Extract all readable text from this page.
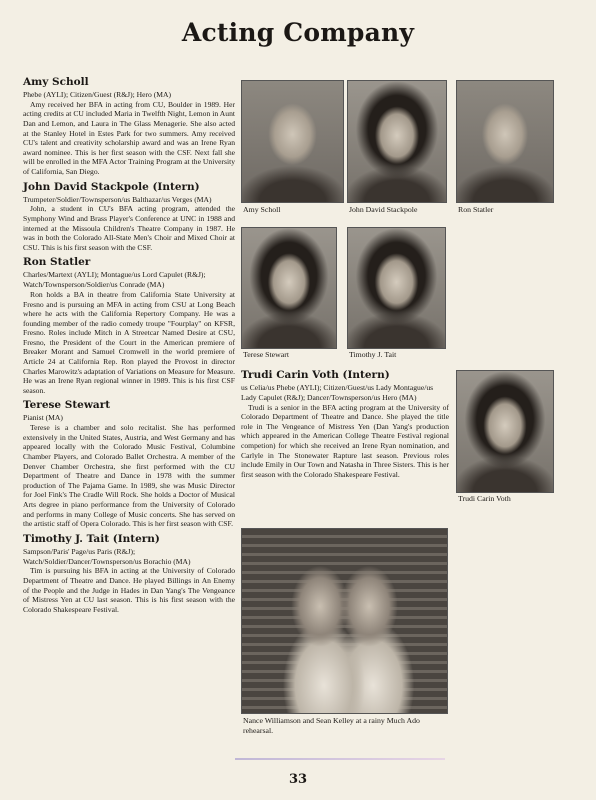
Acting Company
Amy Scholl

Phebe (AYLI); Citizen/Guest (R&J); Hero (MA)

Amy received her BFA in acting from CU, Boulder in 1989. Her acting credits at CU included Maria in Twelfth Night, Lemon in Aunt Dan and Lemon, and Laura in The Glass Menagerie. She also acted at the Stanley Hotel in Estes Park for two summers. Amy received CU's talent and creativity scholarship award and was an Irene Ryan award nominee. This is her first season with the CSF. Next fall she will be enrolled in the MFA Actor Training Program at the University of California, San Diego.

John David Stackpole (Intern)

Trumpeter/Soldier/Townsperson/us Balthazar/us Verges (MA)

John, a student in CU's BFA acting program, attended the Symphony Wind and Brass Player's Conference at UNC in 1988 and interned at the Missoula Children's Theatre Company in 1987. He was in both the Colorado All-State Men's Choir and Mixed Choir at CSU. This is his first season with the CSF.

Ron Statler

Charles/Martext (AYLI); Montague/us Lord Capulet (R&J); Watch/Townsperson/Soldier/us Conrade (MA)

Ron holds a BA in theatre from California State University at Fresno and is pursuing an MFA in acting from CSU at Long Beach where he acts with the California Repertory Company. He was a founding member of the radio comedy troupe "Fourplay" on KFSR, Fresno. Roles include Mitch in A Streetcar Named Desire at CSU, Fresno, the President of the Court in the American premiere of Breaker Morant and Samuel Cromwell in the world premiere of Article 24 at California Rep. Ron played the Provost in director Charles Marowitz's adaptation of Variations on Measure for Measure. He was an Irene Ryan regional winner in 1989. This is his first CSF season.

Terese Stewart

Pianist (MA)

Terese is a chamber and solo recitalist. She has performed extensively in the United States, Austria, and West Germany and has appeared locally with the Colorado Music Festival, Columbine Chamber Players, and Colorado Ballet Orchestra. A member of the Denver Chamber Orchestra, she first performed with the CU Department of Theatre and Dance in 1978 with the summer production of The Pajama Game. In 1989, she was Music Director for Joel Fink's The Cradle Will Rock. She holds a Doctor of Musical Arts degree in piano performance from the University of Colorado and performs in many College of Music concerts. She has served on the artistic staff of Opera Colorado. This is her first season with CSF.

Timothy J. Tait (Intern)

Sampson/Paris' Page/us Paris (R&J); Watch/Soldier/Dancer/Townsperson/us Borachio (MA)

Tim is pursuing his BFA in acting at the University of Colorado Department of Theatre and Dance. He played Billings in An Enemy of the People and the Judge in Hades in Dan Yang's The Vengeance of Mistress Yen at CU last season. This is his first season with the Colorado Shakespeare Festival.

Amy Scholl	John David Stackpole	Ron Statler

Terese Stewart	Timothy J. Tait

Trudi Carin Voth (Intern)

us Celia/us Phebe (AYLI); Citizen/Guest/us Lady Montague/us Lady Capulet (R&J); Dancer/Townsperson/us Hero (MA)

Trudi is a senior in the BFA acting program at the University of Colorado Department of Theatre and Dance. She played the title role in The Vengeance of Mistress Yen (Dan Yang's production which appeared in the American College Theatre Festival regional competion) for which she received an Irene Ryan nomination, and Carlyle in The Stonewater Rapture last season. Previous roles include Emily in Our Town and Natasha in Three Sisters. This is her first season with the Colorado Shakespeare Festival.

Trudi Carin Voth

Nance Williamson and Sean Kelley at a rainy Much Ado rehearsal.

33
